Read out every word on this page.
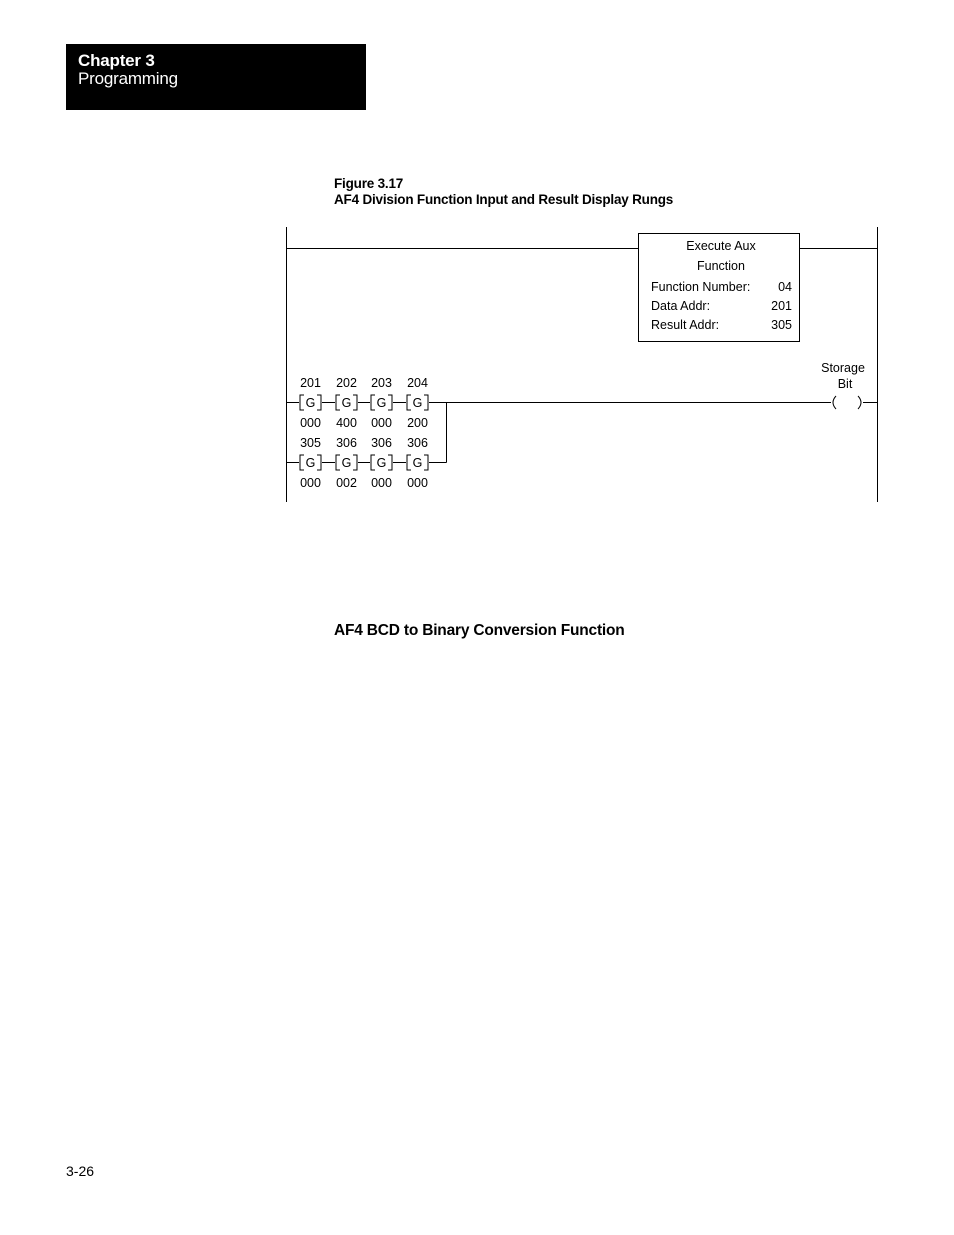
Chapter 3
Programming
Figure 3.17
AF4 Division Function Input and Result Display Rungs
Execute Aux
Function
Function Number: 04
Data Addr:	201
Result Addr:	305
201 202 203 204
G G G G
000 400 000 200
305 306 306 306
G G G G
000 002 000 000
Storage
Bit
AF4 BCD to Binary Conversion Function
3-26
